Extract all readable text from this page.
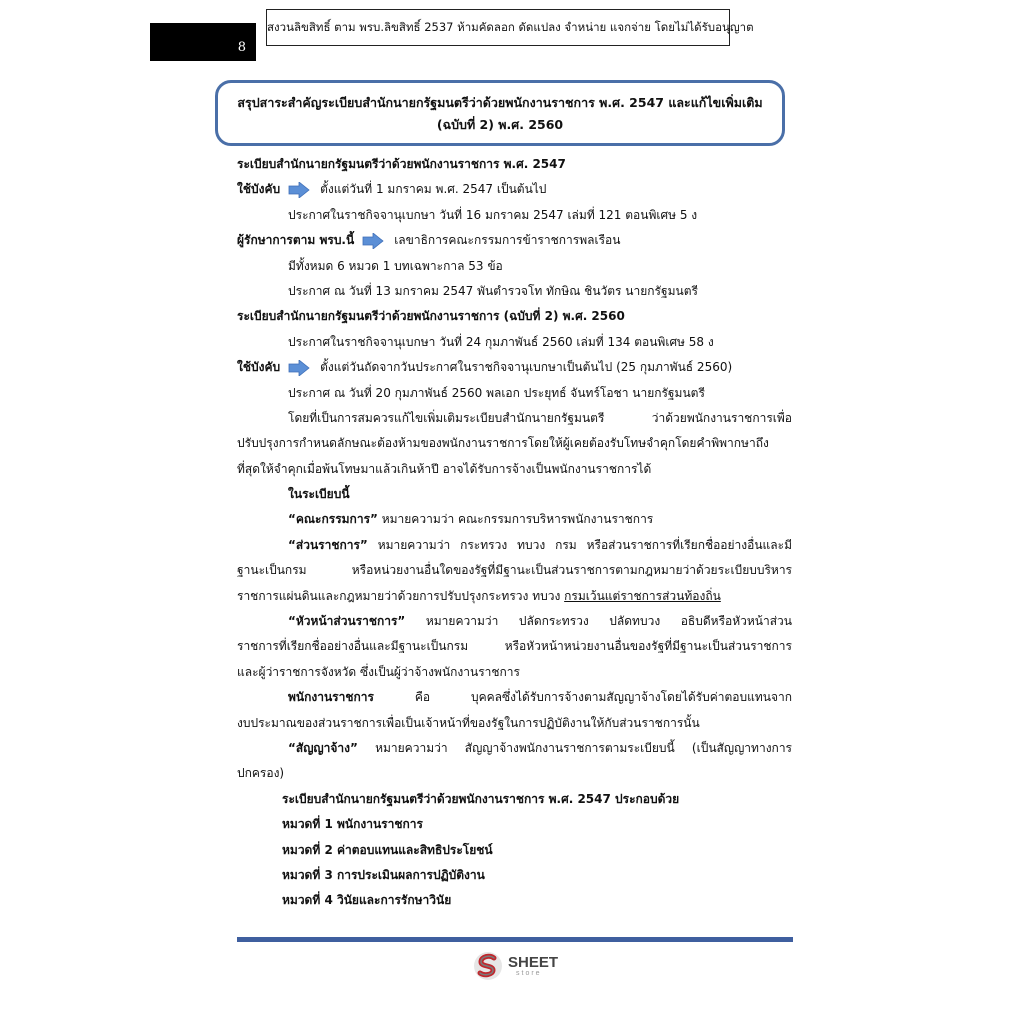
8
สงวนลิขสิทธิ์ ตาม พรบ.ลิขสิทธิ์ 2537 ห้ามคัดลอก ดัดแปลง จำหน่าย แจกจ่าย โดยไม่ได้รับอนุญาต
สรุปสาระสำคัญระเบียบสำนักนายกรัฐมนตรีว่าด้วยพนักงานราชการ พ.ศ. 2547 และแก้ไขเพิ่มเติม
(ฉบับที่ 2) พ.ศ. 2560
ระเบียบสำนักนายกรัฐมนตรีว่าด้วยพนักงานราชการ พ.ศ. 2547
ใช้บังคับ	ตั้งแต่วันที่ 1 มกราคม พ.ศ. 2547 เป็นต้นไป
ประกาศในราชกิจจานุเบกษา วันที่ 16 มกราคม 2547 เล่มที่ 121 ตอนพิเศษ 5 ง
ผู้รักษาการตาม พรบ.นี้	เลขาธิการคณะกรรมการข้าราชการพลเรือน
มีทั้งหมด 6 หมวด 1 บทเฉพาะกาล 53 ข้อ
ประกาศ ณ วันที่ 13 มกราคม 2547 พันตำรวจโท ทักษิณ ชินวัตร นายกรัฐมนตรี
ระเบียบสำนักนายกรัฐมนตรีว่าด้วยพนักงานราชการ (ฉบับที่ 2) พ.ศ. 2560
ประกาศในราชกิจจานุเบกษา วันที่ 24 กุมภาพันธ์ 2560 เล่มที่ 134 ตอนพิเศษ 58 ง
ใช้บังคับ	ตั้งแต่วันถัดจากวันประกาศในราชกิจจานุเบกษาเป็นต้นไป (25 กุมภาพันธ์ 2560)
ประกาศ ณ วันที่ 20 กุมภาพันธ์ 2560 พลเอก ประยุทธ์ จันทร์โอชา นายกรัฐมนตรี
โดยที่เป็นการสมควรแก้ไขเพิ่มเติมระเบียบสำนักนายกรัฐมนตรี ว่าด้วยพนักงานราชการเพื่อ
ปรับปรุงการกำหนดลักษณะต้องห้ามของพนักงานราชการโดยให้ผู้เคยต้องรับโทษจำคุกโดยคำพิพากษาถึง
ที่สุดให้จำคุกเมื่อพ้นโทษมาแล้วเกินห้าปี อาจได้รับการจ้างเป็นพนักงานราชการได้
ในระเบียบนี้
“คณะกรรมการ” หมายความว่า คณะกรรมการบริหารพนักงานราชการ
“ส่วนราชการ” หมายความว่า กระทรวง ทบวง กรม หรือส่วนราชการที่เรียกชื่ออย่างอื่นและมี
ฐานะเป็นกรม หรือหน่วยงานอื่นใดของรัฐที่มีฐานะเป็นส่วนราชการตามกฎหมายว่าด้วยระเบียบบริหาร
ราชการแผ่นดินและกฎหมายว่าด้วยการปรับปรุงกระทรวง ทบวง กรมเว้นแต่ราชการส่วนท้องถิ่น
“หัวหน้าส่วนราชการ” หมายความว่า ปลัดกระทรวง ปลัดทบวง อธิบดีหรือหัวหน้าส่วน
ราชการที่เรียกชื่ออย่างอื่นและมีฐานะเป็นกรม หรือหัวหน้าหน่วยงานอื่นของรัฐที่มีฐานะเป็นส่วนราชการ
และผู้ว่าราชการจังหวัด ซึ่งเป็นผู้ว่าจ้างพนักงานราชการ
พนักงานราชการ คือ บุคคลซึ่งได้รับการจ้างตามสัญญาจ้างโดยได้รับค่าตอบแทนจาก
งบประมาณของส่วนราชการเพื่อเป็นเจ้าหน้าที่ของรัฐในการปฏิบัติงานให้กับส่วนราชการนั้น
“สัญญาจ้าง” หมายความว่า สัญญาจ้างพนักงานราชการตามระเบียบนี้ (เป็นสัญญาทางการ
ปกครอง)
ระเบียบสำนักนายกรัฐมนตรีว่าด้วยพนักงานราชการ พ.ศ. 2547 ประกอบด้วย
หมวดที่ 1 พนักงานราชการ
หมวดที่ 2 ค่าตอบแทนและสิทธิประโยชน์
หมวดที่ 3 การประเมินผลการปฏิบัติงาน
หมวดที่ 4 วินัยและการรักษาวินัย
SHEET
store
